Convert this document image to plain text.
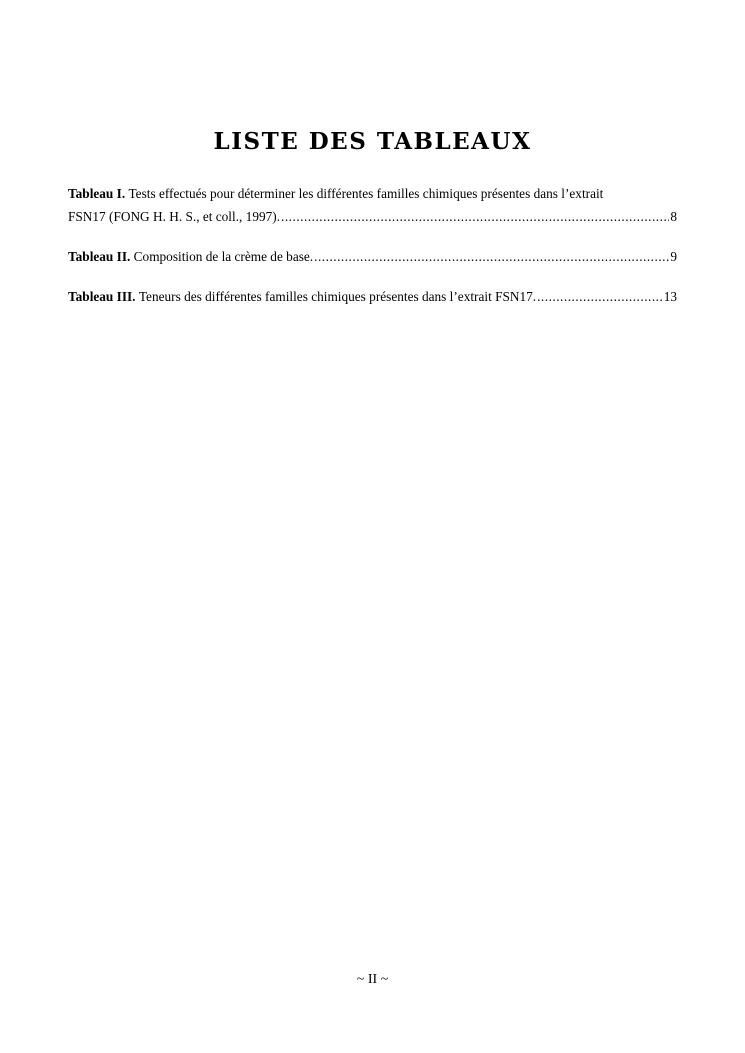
LISTE DES TABLEAUX
Tableau I. Tests effectués pour déterminer les différentes familles chimiques présentes dans l’extrait
FSN17 (FONG H. H. S., et coll., 1997). .....	8
Tableau II.
Composition de la crème de base. .....	9
Tableau III.
Teneurs des différentes familles chimiques présentes dans l’extrait FSN17. .....	13
~ II ~
